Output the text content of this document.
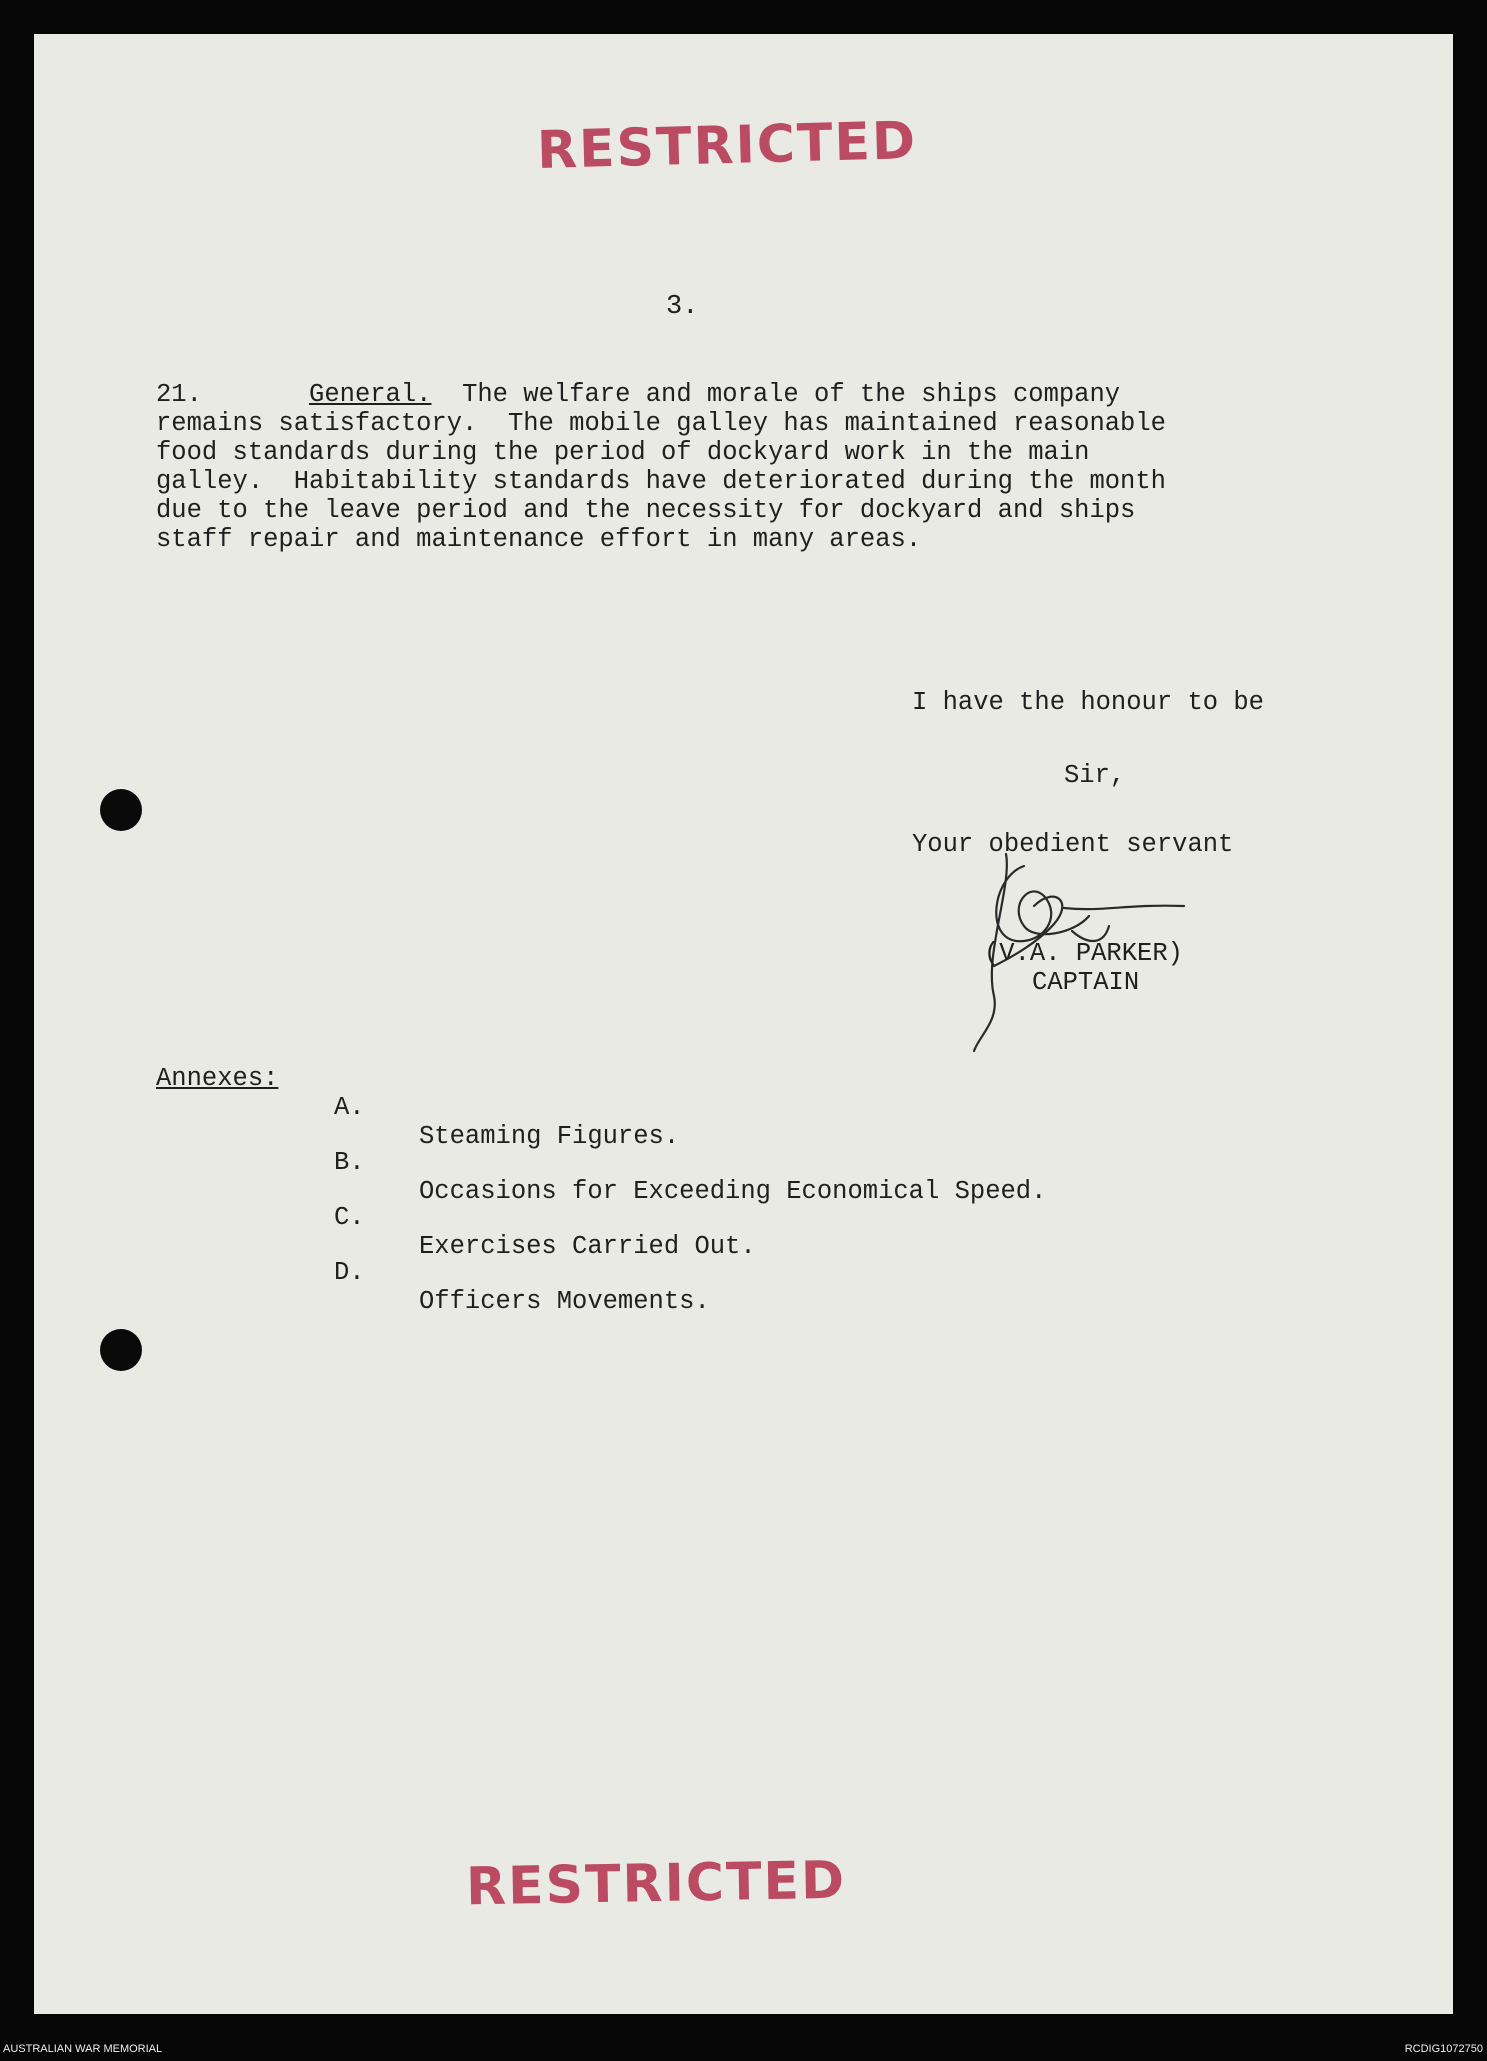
RESTRICTED
3.
21.	General. The welfare and morale of the ships company
remains satisfactory.  The mobile galley has maintained reasonable
food standards during the period of dockyard work in the main
galley.  Habitability standards have deteriorated during the month
due to the leave period and the necessity for dockyard and ships
staff repair and maintenance effort in many areas.
I have the honour to be
Sir,
Your obedient servant
(V.A. PARKER)
CAPTAIN
Annexes:

A.

Steaming Figures.

B.

Occasions for Exceeding Economical Speed.

C.

Exercises Carried Out.

D.

Officers Movements.

RESTRICTED
AUSTRALIAN WAR MEMORIAL	RCDIG1072750
